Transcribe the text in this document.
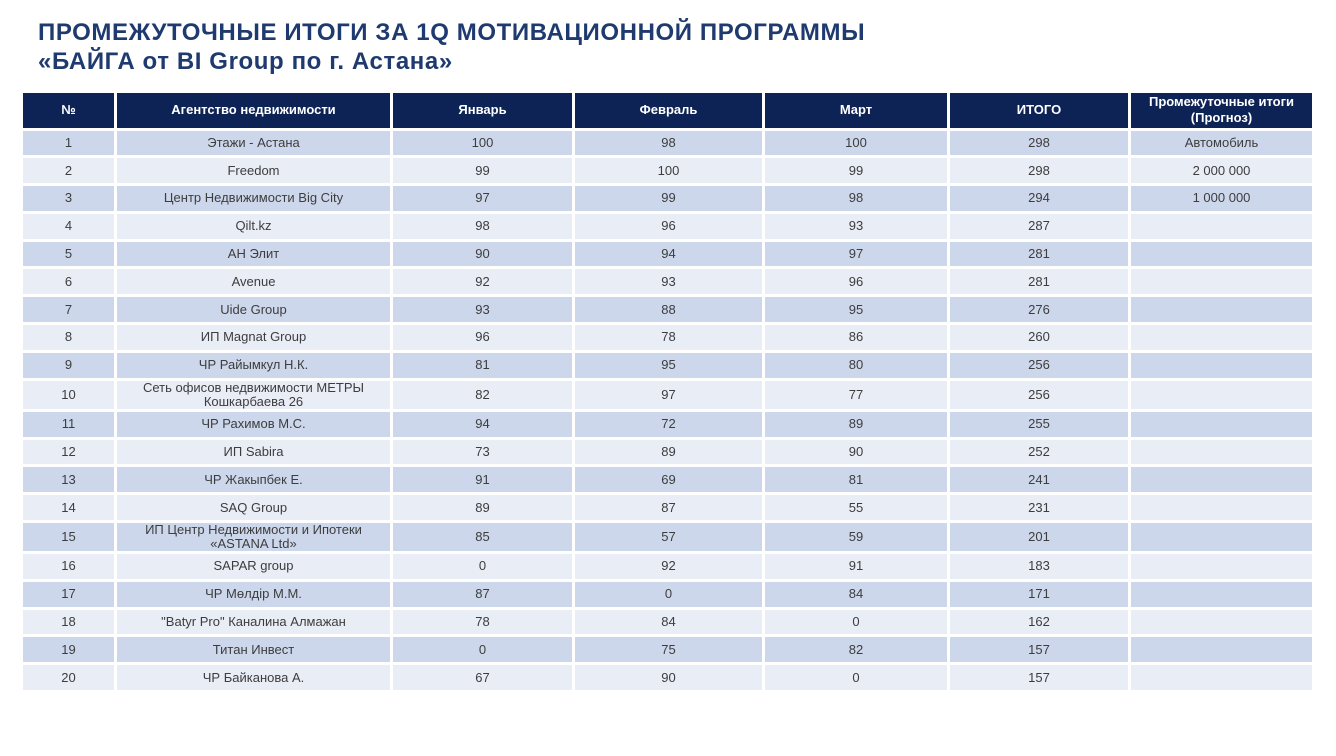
ПРОМЕЖУТОЧНЫЕ ИТОГИ ЗА 1Q МОТИВАЦИОННОЙ ПРОГРАММЫ
«БАЙГА от BI Group по г. Астана»
№	Агентство недвижимости	Январь	Февраль	Март	ИТОГО	Промежуточные итоги (Прогноз)
1	Этажи - Астана	100	98	100	298	Автомобиль
2	Freedom	99	100	99	298	2 000 000
3	Центр Недвижимости Big City	97	99	98	294	1 000 000
4	Qilt.kz	98	96	93	287	
5	АН Элит	90	94	97	281	
6	Avenue	92	93	96	281	
7	Uide Group	93	88	95	276	
8	ИП Magnat Group	96	78	86	260	
9	ЧР Райымкул Н.К.	81	95	80	256	
10	Сеть офисов недвижимости МЕТРЫ Кошкарбаева 26	82	97	77	256	
11	ЧР Рахимов М.С.	94	72	89	255	
12	ИП Sabira	73	89	90	252	
13	ЧР Жакыпбек Е.	91	69	81	241	
14	SAQ Group	89	87	55	231	
15	ИП Центр Недвижимости и Ипотеки «ASTANA Ltd»	85	57	59	201	
16	SAPAR group	0	92	91	183	
17	ЧР Мөлдір М.М.	87	0	84	171	
18	"Batyr Pro" Каналина Алмажан	78	84	0	162	
19	Титан Инвест	0	75	82	157	
20	ЧР Байканова А.	67	90	0	157	
